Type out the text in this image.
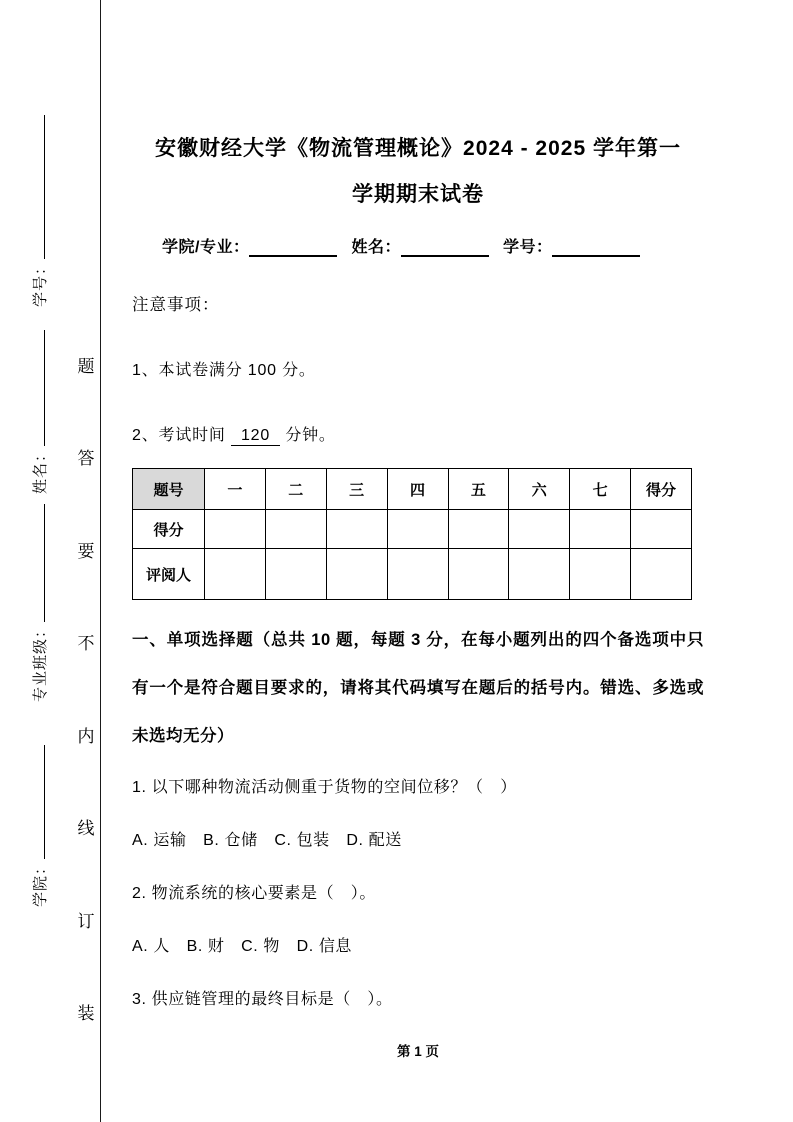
学号：
姓名：
专业班级：
学院：
题
答
要
不
内
线
订
装
安徽财经大学《物流管理概论》2024 - 2025 学年第一
学期期末试卷
学院/专业：	姓名：	学号：

注意事项：

1、本试卷满分 100 分。

2、考试时间 120 分钟。

题号	一	二	三	四	五	六	七	得分
得分								
评阅人								

一、单项选择题（总共 10 题，每题 3 分，在每小题列出的四个备选项中只有一个是符合题目要求的，请将其代码填写在题后的括号内。错选、多选或未选均无分）

1. 以下哪种物流活动侧重于货物的空间位移？（　）

A. 运输　B. 仓储　C. 包装　D. 配送

2. 物流系统的核心要素是（　）。

A. 人　B. 财　C. 物　D. 信息

3. 供应链管理的最终目标是（　）。

第 1 页
